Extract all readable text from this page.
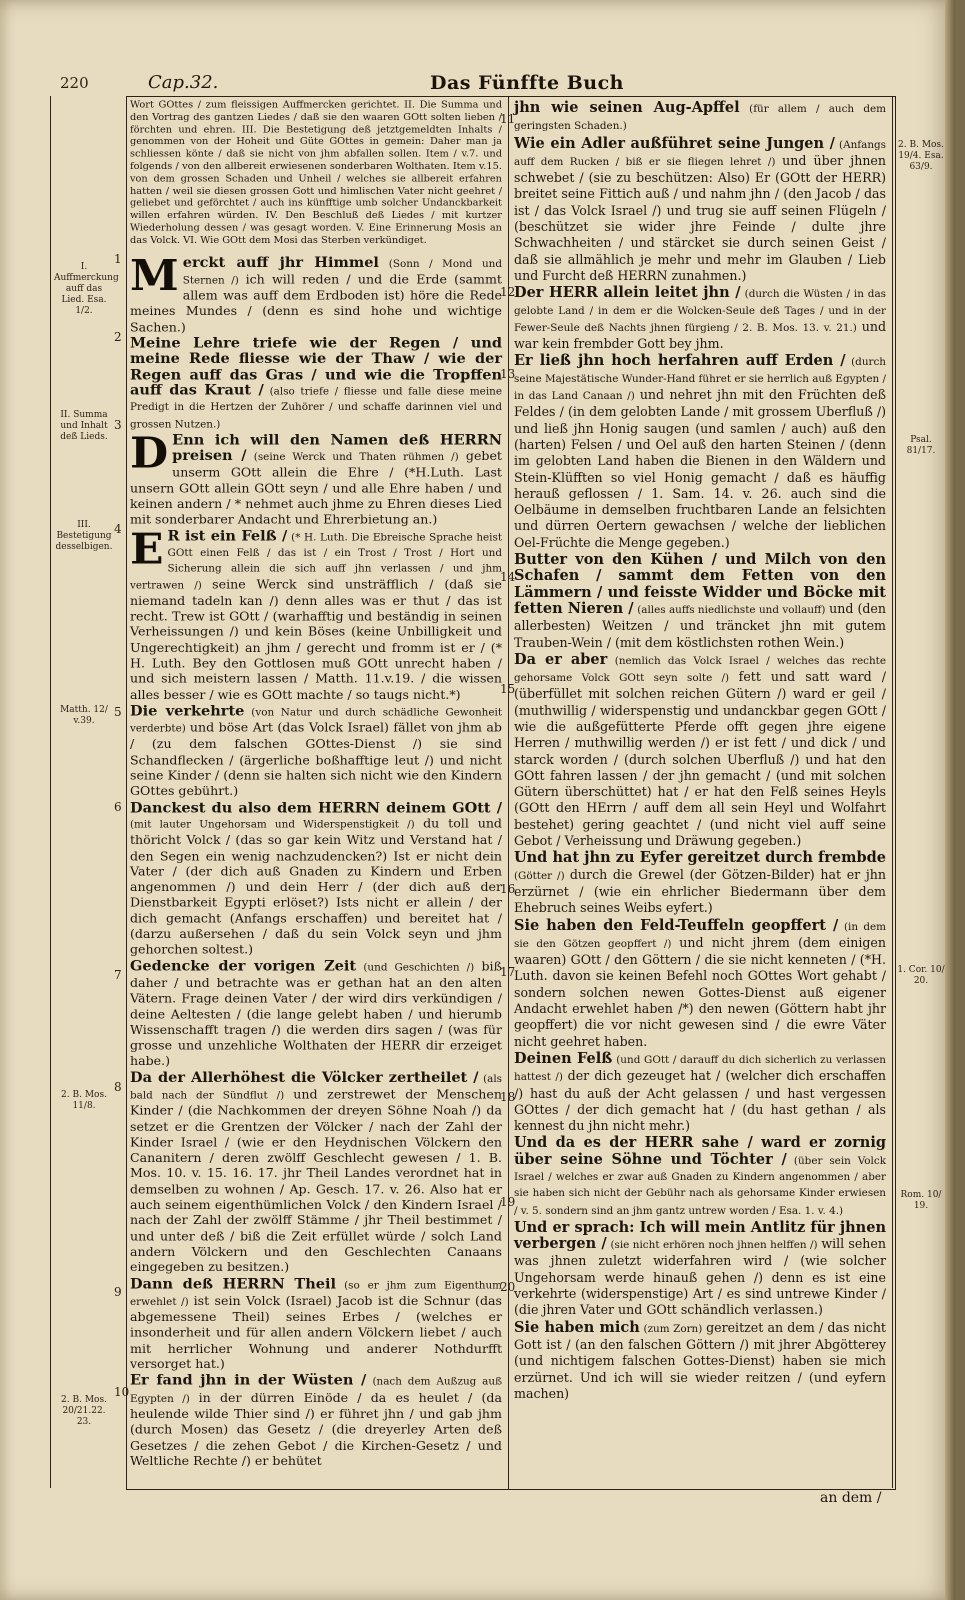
220	Cap.32.	Das Fünffte Buch

Wort GOttes / zum fleissigen Auffmercken gerichtet. II. Die Summa und den Vortrag des gantzen Liedes / daß sie den waaren GOtt solten lieben / förchten und ehren. III. Die Bestetigung deß jetztgemeldten Inhalts / genommen von der Hoheit und Güte GOttes in gemein: Daher man ja schliessen könte / daß sie nicht von jhm abfallen sollen. Item / v.7. und folgends / von den allbereit erwiesenen sonderbaren Wolthaten. Item v.15. von dem grossen Schaden und Unheil / welches sie allbereit erfahren hatten / weil sie diesen grossen Gott und himlischen Vater nicht geehret / geliebet und geförchtet / auch ins künfftige umb solcher Undanckbarkeit willen erfahren würden. IV. Den Beschluß deß Liedes / mit kurtzer Wiederholung dessen / was gesagt worden. V. Eine Erinnerung Mosis an das Volck. VI. Wie GOtt dem Mosi das Sterben verkündiget.

Merckt auff jhr Himmel (Sonn / Mond und Sternen /) ich will reden / und die Erde (sammt allem was auff dem Erdboden ist) höre die Rede meines Mundes / (denn es sind hohe und wichtige Sachen.)

Meine Lehre triefe wie der Regen / und meine Rede fliesse wie der Thaw / wie der Regen auff das Gras / und wie die Tropffen auff das Kraut / (also triefe / fliesse und falle diese meine Predigt in die Hertzen der Zuhörer / und schaffe darinnen viel und grossen Nutzen.)

D Enn ich will den Namen deß HERRN preisen / (seine Werck und Thaten rühmen /) gebet unserm GOtt allein die Ehre / (*H.Luth. Last unsern GOtt allein GOtt seyn / und alle Ehre haben / und keinen andern / * nehmet auch jhme zu Ehren dieses Lied mit sonderbarer Andacht und Ehrerbietung an.)

E R ist ein Felß / (* H. Luth. Die Ebreische Sprache heist GOtt einen Felß / das ist / ein Trost / Trost / Hort und Sicherung allein die sich auff jhn verlassen / und jhm vertrawen /) seine Werck sind unsträfflich / (daß sie niemand tadeln kan /) denn alles was er thut / das ist recht. Trew ist GOtt / (warhafftig und beständig in seinen Verheissungen /) und kein Böses (keine Unbilligkeit und Ungerechtigkeit) an jhm / gerecht und fromm ist er / (* H. Luth. Bey den Gottlosen muß GOtt unrecht haben / und sich meistern lassen / Matth. 11.v.19. / die wissen alles besser / wie es GOtt machte / so taugs nicht.*)

Die verkehrte (von Natur und durch schädliche Gewonheit verderbte) und böse Art (das Volck Israel) fället von jhm ab / (zu dem falschen GOttes-Dienst /) sie sind Schandflecken / (ärgerliche boßhafftige leut /) und nicht seine Kinder / (denn sie halten sich nicht wie den Kindern GOttes gebührt.)

Danckest du also dem HERRN deinem GOtt / (mit lauter Ungehorsam und Widerspenstigkeit /) du toll und thöricht Volck / (das so gar kein Witz und Verstand hat / den Segen ein wenig nachzudencken?) Ist er nicht dein Vater / (der dich auß Gnaden zu Kindern und Erben angenommen /) und dein Herr / (der dich auß der Dienstbarkeit Egypti erlöset?) Ists nicht er allein / der dich gemacht (Anfangs erschaffen) und bereitet hat / (darzu außersehen / daß du sein Volck seyn und jhm gehorchen soltest.)

Gedencke der vorigen Zeit (und Geschichten /) biß daher / und betrachte was er gethan hat an den alten Vätern. Frage deinen Vater / der wird dirs verkündigen / deine Aeltesten / (die lange gelebt haben / und hierumb Wissenschafft tragen /) die werden dirs sagen / (was für grosse und unzehliche Wolthaten der HERR dir erzeiget habe.)

Da der Allerhöhest die Völcker zertheilet / (als bald nach der Sündflut /) und zerstrewet der Menschen Kinder / (die Nachkommen der dreyen Söhne Noah /) da setzet er die Grentzen der Völcker / nach der Zahl der Kinder Israel / (wie er den Heydnischen Völckern den Cananitern / deren zwölff Geschlecht gewesen / 1. B. Mos. 10. v. 15. 16. 17. jhr Theil Landes verordnet hat in demselben zu wohnen / Ap. Gesch. 17. v. 26. Also hat er auch seinem eigenthümlichen Volck / den Kindern Israel / nach der Zahl der zwölff Stämme / jhr Theil bestimmet / und unter deß / biß die Zeit erfüllet würde / solch Land andern Völckern und den Geschlechten Canaans eingegeben zu besitzen.)

Dann deß HERRN Theil (so er jhm zum Eigenthum erwehlet /) ist sein Volck (Israel) Jacob ist die Schnur (das abgemessene Theil) seines Erbes / (welches er insonderheit und für allen andern Völckern liebet / auch mit herrlicher Wohnung und anderer Nothdurfft versorget hat.)

Er fand jhn in der Wüsten / (nach dem Außzug auß Egypten /) in der dürren Einöde / da es heulet / (da heulende wilde Thier sind /) er führet jhn / und gab jhm (durch Mosen) das Gesetz / (die dreyerley Arten deß Gesetzes / die zehen Gebot / die Kirchen-Gesetz / und Weltliche Rechte /) er behütet

jhn wie seinen Aug-Apffel (für allem / auch dem geringsten Schaden.)

Wie ein Adler außführet seine Jungen / (Anfangs auff dem Rucken / biß er sie fliegen lehret /) und über jhnen schwebet / (sie zu beschützen: Also) Er (GOtt der HERR) breitet seine Fittich auß / und nahm jhn / (den Jacob / das ist / das Volck Israel /) und trug sie auff seinen Flügeln / (beschützet sie wider jhre Feinde / dulte jhre Schwachheiten / und stärcket sie durch seinen Geist / daß sie allmählich je mehr und mehr im Glauben / Lieb und Furcht deß HERRN zunahmen.)

Der HERR allein leitet jhn / (durch die Wüsten / in das gelobte Land / in dem er die Wolcken-Seule deß Tages / und in der Fewer-Seule deß Nachts jhnen fürgieng / 2. B. Mos. 13. v. 21.) und war kein frembder Gott bey jhm.

Er ließ jhn hoch herfahren auff Erden / (durch seine Majestätische Wunder-Hand führet er sie herrlich auß Egypten / in das Land Canaan /) und nehret jhn mit den Früchten deß Feldes / (in dem gelobten Lande / mit grossem Uberfluß /) und ließ jhn Honig saugen (und samlen / auch) auß den (harten) Felsen / und Oel auß den harten Steinen / (denn im gelobten Land haben die Bienen in den Wäldern und Stein-Klüfften so viel Honig gemacht / daß es häuffig herauß geflossen / 1. Sam. 14. v. 26. auch sind die Oelbäume in demselben fruchtbaren Lande an felsichten und dürren Oertern gewachsen / welche der lieblichen Oel-Früchte die Menge gegeben.)

Butter von den Kühen / und Milch von den Schafen / sammt dem Fetten von den Lämmern / und feisste Widder und Böcke mit fetten Nieren / (alles auffs niedlichste und vollauff) und (den allerbesten) Weitzen / und träncket jhn mit gutem Trauben-Wein / (mit dem köstlichsten rothen Wein.)

Da er aber (nemlich das Volck Israel / welches das rechte gehorsame Volck GOtt seyn solte /) fett und satt ward / (überfüllet mit solchen reichen Gütern /) ward er geil / (muthwillig / widerspenstig und undanckbar gegen GOtt / wie die außgefütterte Pferde offt gegen jhre eigene Herren / muthwillig werden /) er ist fett / und dick / und starck worden / (durch solchen Uberfluß /) und hat den GOtt fahren lassen / der jhn gemacht / (und mit solchen Gütern überschüttet) hat / er hat den Felß seines Heyls (GOtt den HErrn / auff dem all sein Heyl und Wolfahrt bestehet) gering geachtet / (und nicht viel auff seine Gebot / Verheissung und Dräwung gegeben.)

Und hat jhn zu Eyfer gereitzet durch frembde (Götter /) durch die Grewel (der Götzen-Bilder) hat er jhn erzürnet / (wie ein ehrlicher Biedermann über dem Ehebruch seines Weibs eyfert.)

Sie haben den Feld-Teuffeln geopffert / (in dem sie den Götzen geopffert /) und nicht jhrem (dem einigen waaren) GOtt / den Göttern / die sie nicht kenneten / (*H. Luth. davon sie keinen Befehl noch GOttes Wort gehabt / sondern solchen newen Gottes-Dienst auß eigener Andacht erwehlet haben /*) den newen (Göttern habt jhr geopffert) die vor nicht gewesen sind / die ewre Väter nicht geehret haben.

Deinen Felß (und GOtt / darauff du dich sicherlich zu verlassen hattest /) der dich gezeuget hat / (welcher dich erschaffen /) hast du auß der Acht gelassen / und hast vergessen GOttes / der dich gemacht hat / (du hast gethan / als kennest du jhn nicht mehr.)

Und da es der HERR sahe / ward er zornig über seine Söhne und Töchter / (über sein Volck Israel / welches er zwar auß Gnaden zu Kindern angenommen / aber sie haben sich nicht der Gebühr nach als gehorsame Kinder erwiesen / v. 5. sondern sind an jhm gantz untrew worden / Esa. 1. v. 4.)

Und er sprach: Ich will mein Antlitz für jhnen verbergen / (sie nicht erhören noch jhnen helffen /) will sehen was jhnen zuletzt widerfahren wird / (wie solcher Ungehorsam werde hinauß gehen /) denn es ist eine verkehrte (widerspenstige) Art / es sind untrewe Kinder / (die jhren Vater und GOtt schändlich verlassen.)

Sie haben mich (zum Zorn) gereitzet an dem / das nicht Gott ist / (an den falschen Göttern /) mit jhrer Abgötterey (und nichtigem falschen Gottes-Dienst) haben sie mich erzürnet. Und ich will sie wieder reitzen / (und eyfern machen)

I. Auffmerckung auff das Lied. Esa. 1/2.
II. Summa und Inhalt deß Lieds.
III. Bestetigung desselbigen.
Matth. 12/ v.39.
2. B. Mos. 11/8.
2. B. Mos. 20/21.22. 23.
2. B. Mos. 19/4. Esa. 63/9.
Psal. 81/17.
1. Cor. 10/ 20.
Rom. 10/ 19.
1
2
3
4
5
6
7
8
9
10
11
12
13
14
15
16
17
18
19
20
an dem /
